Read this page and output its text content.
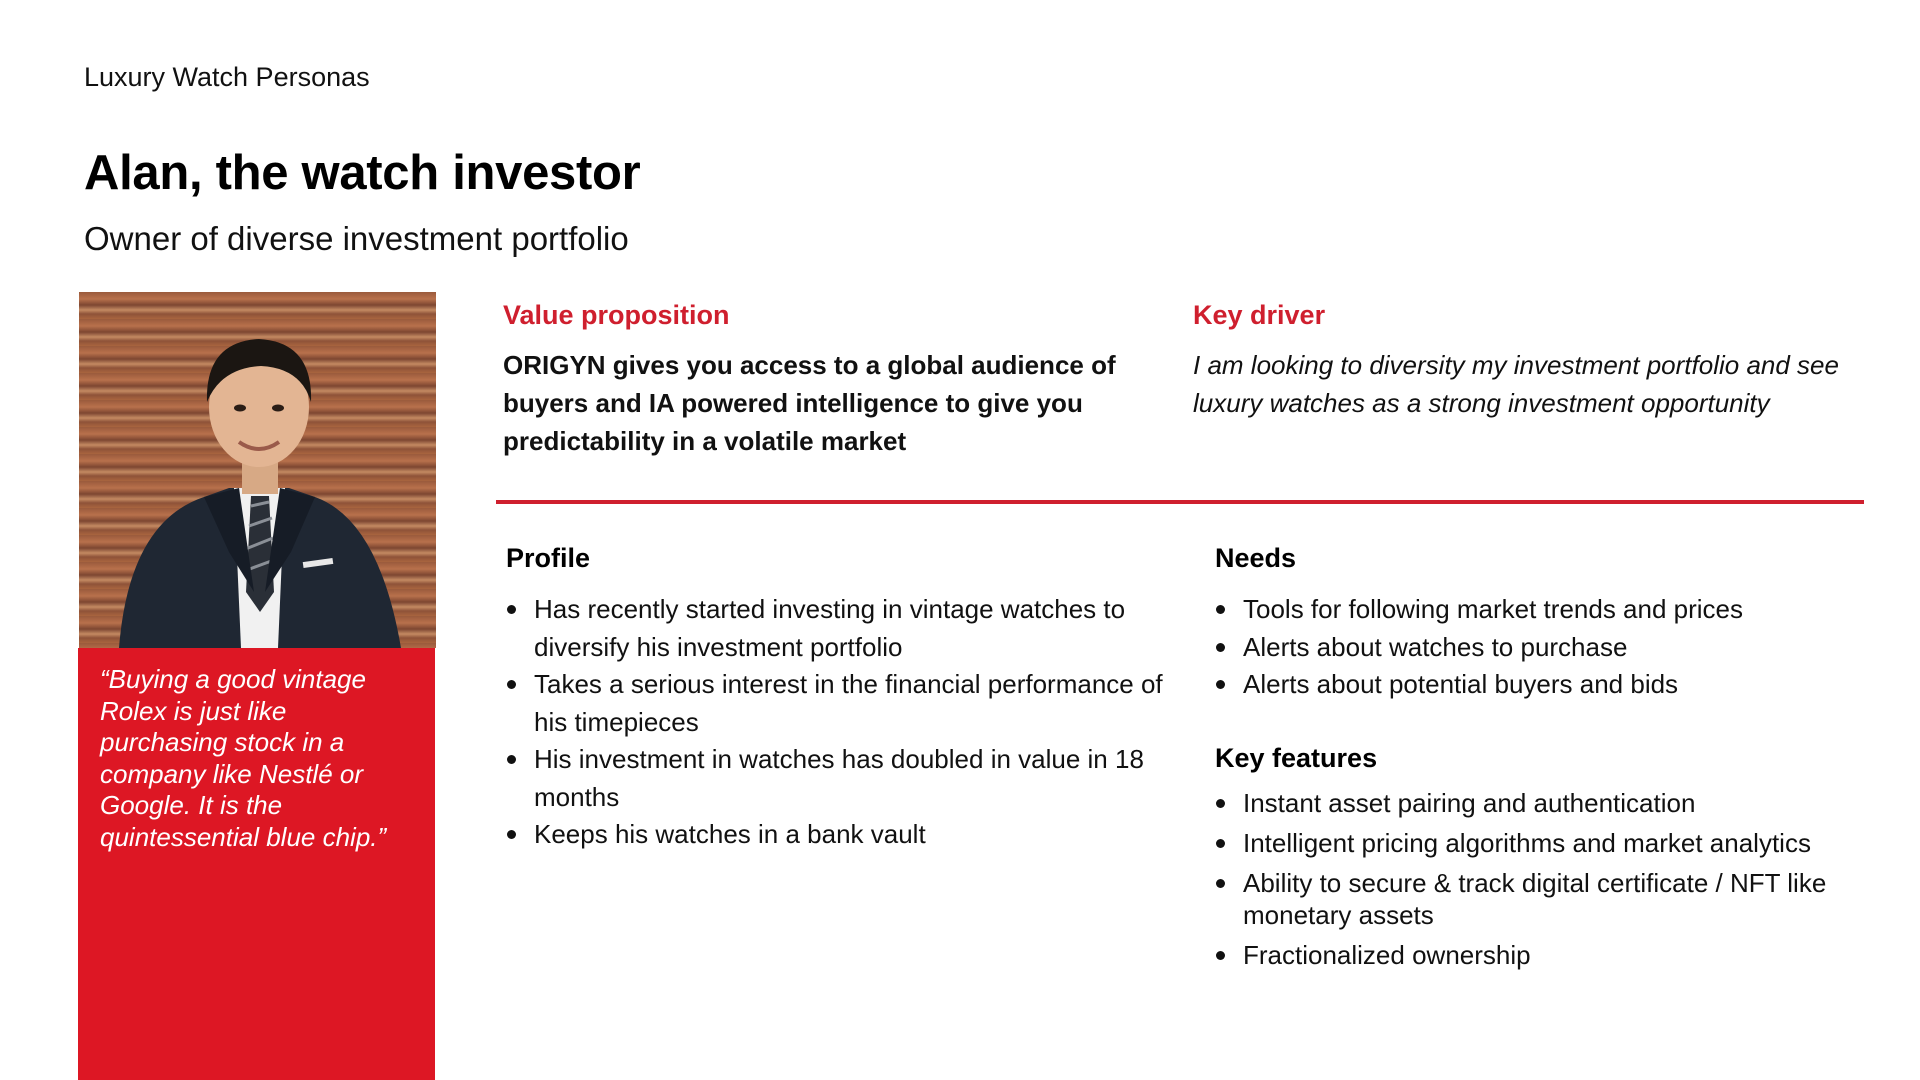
Luxury Watch Personas
Alan, the watch investor
Owner of diverse investment portfolio
“Buying a good vintage Rolex is just like purchasing stock in a company like Nestlé or Google. It is the quintessential blue chip.”
Value proposition
ORIGYN gives you access to a global audience of buyers and IA powered intelligence to give you predictability in a volatile market
Key driver
I am looking to diversity my investment portfolio and see luxury watches as a strong investment opportunity
Profile
Has recently started investing in vintage watches to diversify his investment portfolio
Takes a serious interest in the financial performance of his timepieces
His investment in watches has doubled in value in 18 months
Keeps his watches in a bank vault
Needs
Tools for following market trends and prices
Alerts about watches to purchase
Alerts about potential buyers and bids
Key features
Instant asset pairing and authentication
Intelligent pricing algorithms and market analytics
Ability to secure & track digital certificate / NFT like monetary assets
Fractionalized ownership
